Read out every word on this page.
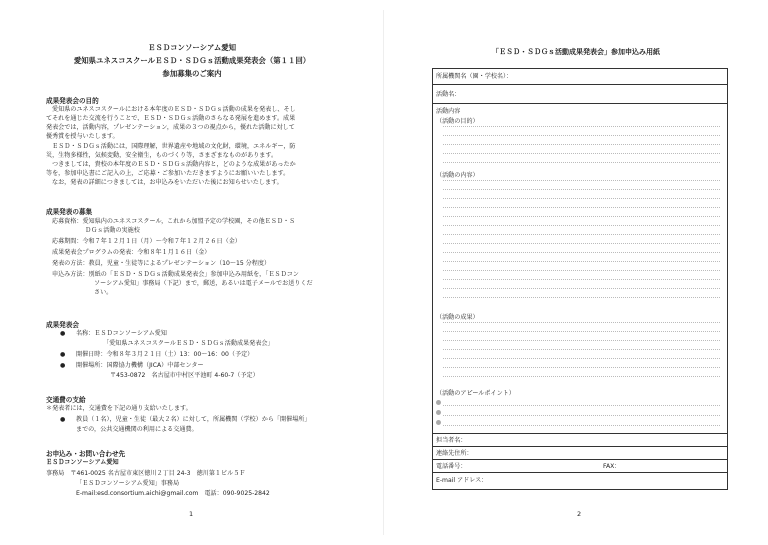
ＥＳＤコンソーシアム愛知
愛知県ユネスコスクールＥＳＤ・ＳＤＧｓ活動成果発表会（第１１回）
参加募集のご案内
成果発表会の目的
愛知県のユネスコスクールにおける本年度のＥＳＤ・ＳＤＧｓ活動の成果を発表し、そし
てそれを通じた交流を行うことで、ＥＳＤ・ＳＤＧｓ活動のさらなる発展を進めます。成果
発表会では，活動内容，プレゼンテーション，成果の３つの視点から，優れた活動に対して
優秀賞を授与いたします。
ＥＳＤ・ＳＤＧｓ活動には，国際理解，世界遺産や地域の文化財，環境，エネルギー，防
災，生物多様性，気候変動，安全衛生，ものづくり等，さまざまなものがあります。
つきましては，貴校の本年度のＥＳＤ・ＳＤＧｓ活動内容と，どのような成果があったか
等を，参加申込書にご記入の上，ご応募・ご参加いただきますようにお願いいたします。
なお，発表の詳細につきましては，お申込みをいただいた後にお知らせいたします。
成果発表の募集
応募資格：愛知県内のユネスコスクール，これから加盟予定の学校園，その他ＥＳＤ・Ｓ
ＤＧｓ活動の実施校
応募期間：令和７年１２月１日（月）～令和７年１２月２６日（金）
成果発表会プログラムの発表：令和８年１月１６日（金）
発表の方法：教員，児童・生徒等によるプレゼンテーション（10～15 分程度）
申込み方法：別紙の「ＥＳＤ・ＳＤＧｓ活動成果発表会」参加申込み用紙を，「ＥＳＤコン
ソーシアム愛知」事務局（下記）まで，郵送，あるいは電子メールでお送りくだ
さい。
成果発表会
● 名称：ＥＳＤコンソーシアム愛知
「愛知県ユネスコスクールＥＳＤ・ＳＤＧｓ活動成果発表会」
● 開催日時：令和８年３月２１日（土）13：00～16：00（予定）
● 開催場所：国際協力機構（JICA）中部センター
〒453-0872　名古屋市中村区平池町 4-60-7（予定）
交通費の支給
＊発表者には，交通費を下記の通り支給いたします。
● 教員（１名），児童・生徒（最大２名）に対して，所属機関（学校）から「開催場所」
までの，公共交通機関の利用による交通費。
お申込み・お問い合わせ先
ＥＳＤコンソーシアム愛知
事務局　〒461-0025 名古屋市東区徳川２丁目 24-3　徳川第１ビル５Ｆ
「ＥＳＤコンソーシアム愛知」事務局
E-mail:esd.consortium.aichi@gmail.com　電話：090-9025-2842
1
「ＥＳＤ・ＳＤＧｓ活動成果発表会」参加申込み用紙
所属機関名（園・学校名）：
活動名：
活動内容
（活動の目的）
（活動の内容）
（活動の成果）
（活動のアピールポイント）
担当者名：
連絡先住所：
電話番号：	FAX：
E-mail アドレス：
2
